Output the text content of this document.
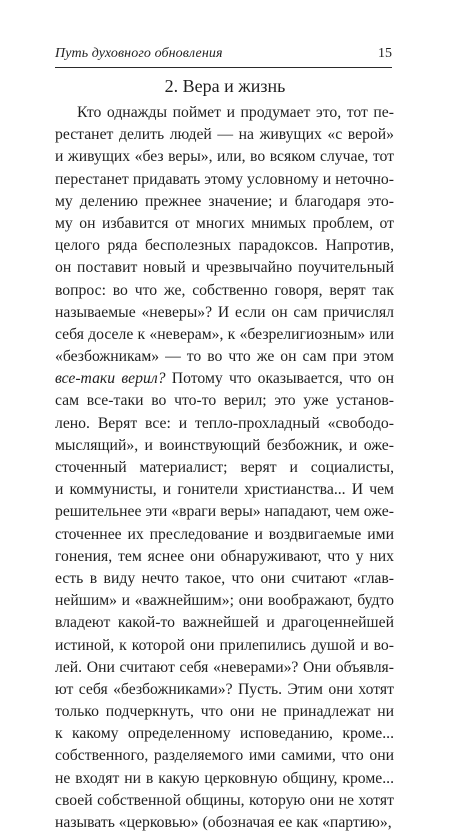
Путь духовного обновления	15
2. Вера и жизнь
Кто однажды поймет и продумает это, тот пе-
рестанет делить людей — на живущих «с верой»
и живущих «без веры», или, во всяком случае, тот
перестанет придавать этому условному и неточно-
му делению прежнее значение; и благодаря это-
му он избавится от многих мнимых проблем, от
целого ряда бесполезных парадоксов. Напротив,
он поставит новый и чрезвычайно поучительный
вопрос: во что же, собственно говоря, верят так
называемые «неверы»? И если он сам причислял
себя доселе к «неверам», к «безрелигиозным» или
«безбожникам» — то во что же он сам при этом
все-таки верил? Потому что оказывается, что он
сам все-таки во что-то верил; это уже установ-
лено. Верят все: и тепло-прохладный «свободо-
мыслящий», и воинствующий безбожник, и оже-
сточенный материалист; верят и социалисты,
и коммунисты, и гонители христианства... И чем
решительнее эти «враги веры» нападают, чем оже-
сточеннее их преследование и воздвигаемые ими
гонения, тем яснее они обнаруживают, что у них
есть в виду нечто такое, что они считают «глав-
нейшим» и «важнейшим»; они воображают, будто
владеют какой-то важнейшей и драгоценнейшей
истиной, к которой они прилепились душой и во-
лей. Они считают себя «неверами»? Они объявля-
ют себя «безбожниками»? Пусть. Этим они хотят
только подчеркнуть, что они не принадлежат ни
к какому определенному исповеданию, кроме...
собственного, разделяемого ими самими, что они
не входят ни в какую церковную общину, кроме...
своей собственной общины, которую они не хотят
называть «церковью» (обозначая ее как «партию»,
